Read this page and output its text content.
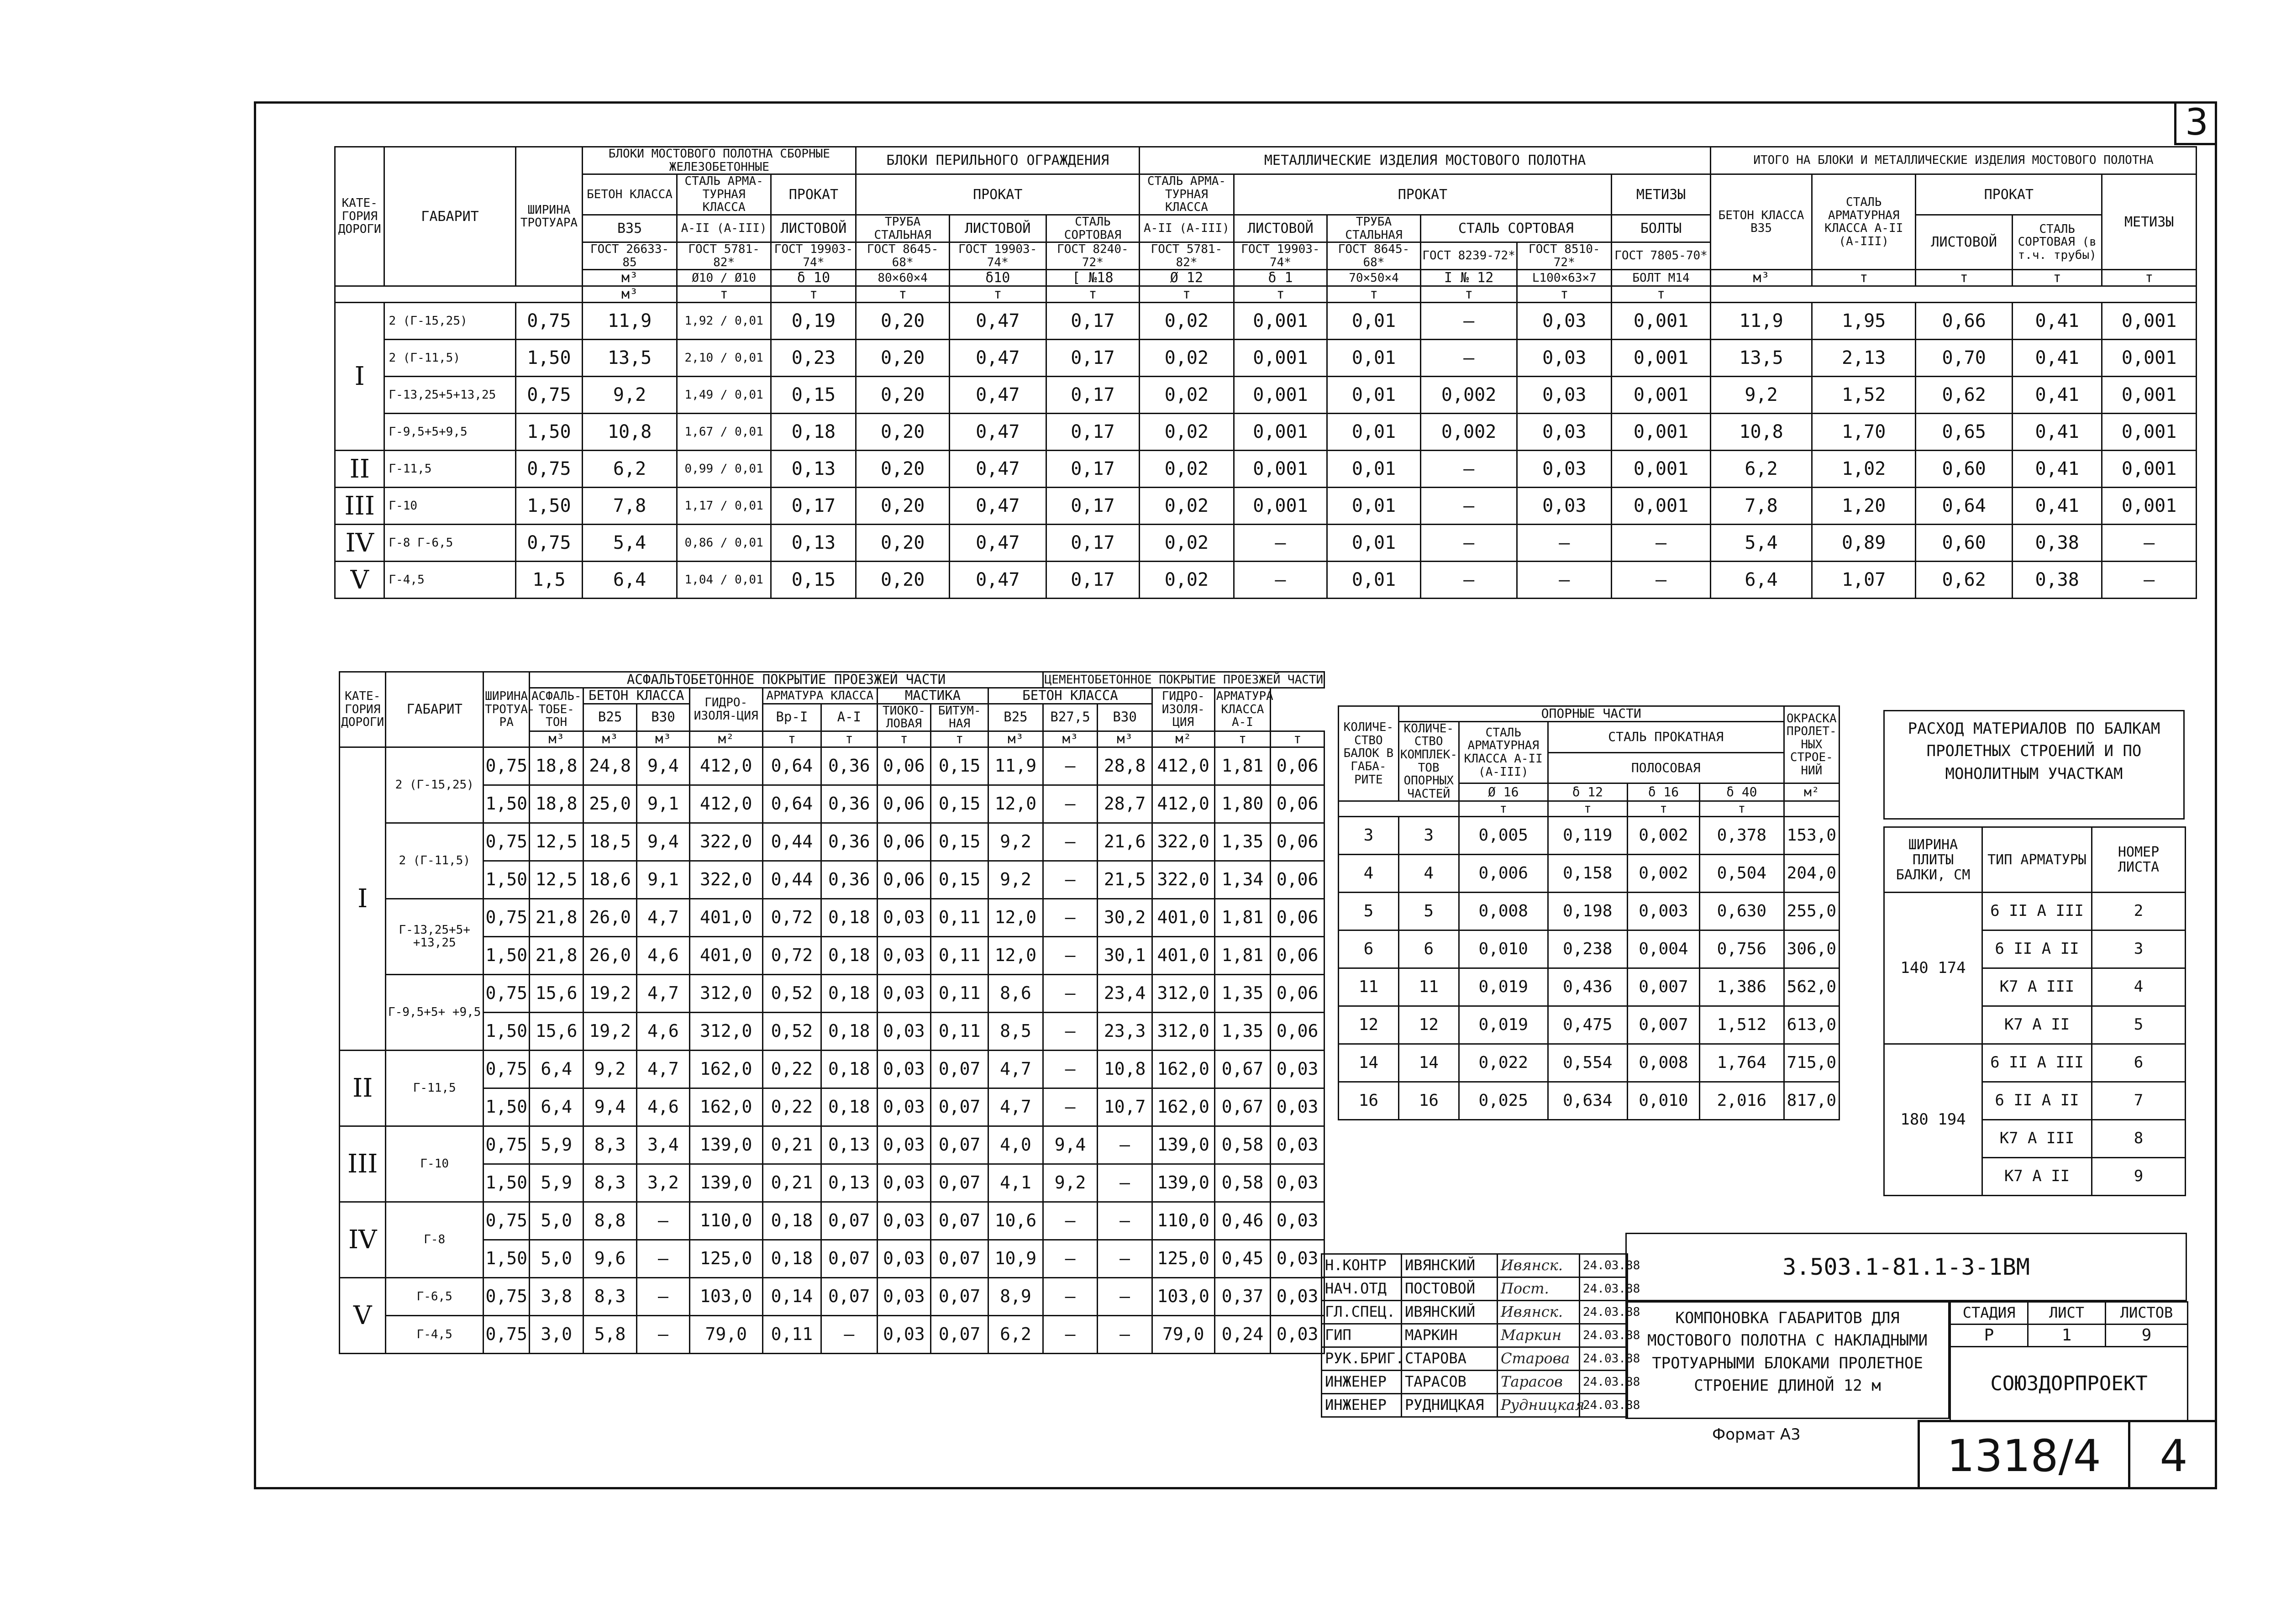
3
КАТЕ-ГОРИЯ ДОРОГИ	ГАБАРИТ	ШИРИНА ТРОТУАРА	БЛОКИ МОСТОВОГО ПОЛОТНА СБОРНЫЕ ЖЕЛЕЗОБЕТОННЫЕ			БЛОКИ ПЕРИЛЬНОГО ОГРАЖДЕНИЯ			МЕТАЛЛИЧЕСКИЕ ИЗДЕЛИЯ МОСТОВОГО ПОЛОТНА						ИТОГО НА БЛОКИ И МЕТАЛЛИЧЕСКИЕ ИЗДЕЛИЯ МОСТОВОГО ПОЛОТНА				
			БЕТОН КЛАССА	СТАЛЬ АРМА-ТУРНАЯ КЛАССА	ПРОКАТ	ПРОКАТ			СТАЛЬ АРМА-ТУРНАЯ КЛАССА	ПРОКАТ				МЕТИЗЫ	БЕТОН КЛАССА В35	СТАЛЬ АРМАТУРНАЯ КЛАССА А-II (А-III)	ПРОКАТ		МЕТИЗЫ
			В35	А-II (А-III)	ЛИСТОВОЙ	ТРУБА СТАЛЬНАЯ	ЛИСТОВОЙ	СТАЛЬ СОРТОВАЯ	А-II (А-III)	ЛИСТОВОЙ	ТРУБА СТАЛЬНАЯ	СТАЛЬ СОРТОВАЯ		БОЛТЫ			ЛИСТОВОЙ	СТАЛЬ СОРТОВАЯ (в т.ч. трубы)	
			ГОСТ 26633-85	ГОСТ 5781-82*	ГОСТ 19903-74*	ГОСТ 8645-68*	ГОСТ 19903-74*	ГОСТ 8240-72*	ГОСТ 5781-82*	ГОСТ 19903-74*	ГОСТ 8645-68*	ГОСТ 8239-72*	ГОСТ 8510-72*	ГОСТ 7805-70*					
			м³	Ø10 / Ø10	δ 10	80×60×4	δ10	[ №18	Ø 12	δ 1	70×50×4	I № 12	L100×63×7	БОЛТ М14	м³	т	т	т	т
			м³	т	т	т	т	т	т	т	т	т	т	т					
I	2 (Г-15,25)	0,75	11,9	1,92 / 0,01	0,19	0,20	0,47	0,17	0,02	0,001	0,01	—	0,03	0,001	11,9	1,95	0,66	0,41	0,001
	2 (Г-11,5)	1,50	13,5	2,10 / 0,01	0,23	0,20	0,47	0,17	0,02	0,001	0,01	—	0,03	0,001	13,5	2,13	0,70	0,41	0,001
	Г-13,25+5+13,25	0,75	9,2	1,49 / 0,01	0,15	0,20	0,47	0,17	0,02	0,001	0,01	0,002	0,03	0,001	9,2	1,52	0,62	0,41	0,001
	Г-9,5+5+9,5	1,50	10,8	1,67 / 0,01	0,18	0,20	0,47	0,17	0,02	0,001	0,01	0,002	0,03	0,001	10,8	1,70	0,65	0,41	0,001
II	Г-11,5	0,75	6,2	0,99 / 0,01	0,13	0,20	0,47	0,17	0,02	0,001	0,01	—	0,03	0,001	6,2	1,02	0,60	0,41	0,001
III	Г-10	1,50	7,8	1,17 / 0,01	0,17	0,20	0,47	0,17	0,02	0,001	0,01	—	0,03	0,001	7,8	1,20	0,64	0,41	0,001
IV	Г-8 Г-6,5	0,75	5,4	0,86 / 0,01	0,13	0,20	0,47	0,17	0,02	—	0,01	—	—	—	5,4	0,89	0,60	0,38	—
V	Г-4,5	1,5	6,4	1,04 / 0,01	0,15	0,20	0,47	0,17	0,02	—	0,01	—	—	—	6,4	1,07	0,62	0,38	—
КАТЕ-ГОРИЯ ДОРОГИ	ГАБАРИТ	ШИРИНА ТРОТУА-РА	АСФАЛЬТОБЕТОННОЕ ПОКРЫТИЕ ПРОЕЗЖЕЙ ЧАСТИ									ЦЕМЕНТОБЕТОННОЕ ПОКРЫТИЕ ПРОЕЗЖЕЙ ЧАСТИ				
			АСФАЛЬ-ТОБЕ-ТОН	БЕТОН КЛАССА		ГИДРО-ИЗОЛЯ-ЦИЯ	АРМАТУРА КЛАССА		МАСТИКА		БЕТОН КЛАССА			ГИДРО-ИЗОЛЯ-ЦИЯ	АРМАТУРА КЛАССА А-I	
				В25	В30		Вр-I	А-I	ТИОКО-ЛОВАЯ	БИТУМ-НАЯ	В25	В27,5	В30			
			м³	м³	м³	м²	т	т	т	т	м³	м³	м³	м²	т	т
I	2 (Г-15,25)	0,75	18,8	24,8	9,4	412,0	0,64	0,36	0,06	0,15	11,9	—	28,8	412,0	1,81	0,06
		1,50	18,8	25,0	9,1	412,0	0,64	0,36	0,06	0,15	12,0	—	28,7	412,0	1,80	0,06
	2 (Г-11,5)	0,75	12,5	18,5	9,4	322,0	0,44	0,36	0,06	0,15	9,2	—	21,6	322,0	1,35	0,06
		1,50	12,5	18,6	9,1	322,0	0,44	0,36	0,06	0,15	9,2	—	21,5	322,0	1,34	0,06
	Г-13,25+5+ +13,25	0,75	21,8	26,0	4,7	401,0	0,72	0,18	0,03	0,11	12,0	—	30,2	401,0	1,81	0,06
		1,50	21,8	26,0	4,6	401,0	0,72	0,18	0,03	0,11	12,0	—	30,1	401,0	1,81	0,06
	Г-9,5+5+ +9,5	0,75	15,6	19,2	4,7	312,0	0,52	0,18	0,03	0,11	8,6	—	23,4	312,0	1,35	0,06
		1,50	15,6	19,2	4,6	312,0	0,52	0,18	0,03	0,11	8,5	—	23,3	312,0	1,35	0,06
II	Г-11,5	0,75	6,4	9,2	4,7	162,0	0,22	0,18	0,03	0,07	4,7	—	10,8	162,0	0,67	0,03
		1,50	6,4	9,4	4,6	162,0	0,22	0,18	0,03	0,07	4,7	—	10,7	162,0	0,67	0,03
III	Г-10	0,75	5,9	8,3	3,4	139,0	0,21	0,13	0,03	0,07	4,0	9,4	—	139,0	0,58	0,03
		1,50	5,9	8,3	3,2	139,0	0,21	0,13	0,03	0,07	4,1	9,2	—	139,0	0,58	0,03
IV	Г-8	0,75	5,0	8,8	—	110,0	0,18	0,07	0,03	0,07	10,6	—	—	110,0	0,46	0,03
		1,50	5,0	9,6	—	125,0	0,18	0,07	0,03	0,07	10,9	—	—	125,0	0,45	0,03
V	Г-6,5	0,75	3,8	8,3	—	103,0	0,14	0,07	0,03	0,07	8,9	—	—	103,0	0,37	0,03
	Г-4,5	0,75	3,0	5,8	—	79,0	0,11	—	0,03	0,07	6,2	—	—	79,0	0,24	0,03
КОЛИЧЕ-СТВО БАЛОК В ГАБА-РИТЕ	ОПОРНЫЕ ЧАСТИ					ОКРАСКА ПРОЛЕТ-НЫХ СТРОЕ-НИЙ
	КОЛИЧЕ-СТВО КОМПЛЕК-ТОВ ОПОРНЫХ ЧАСТЕЙ	СТАЛЬ АРМАТУРНАЯ КЛАССА А-II (А-III)	СТАЛЬ ПРОКАТНАЯ			
			ПОЛОСОВАЯ			
		Ø 16	δ 12	δ 16	δ 40	м²
		т	т	т	т	
3	3	0,005	0,119	0,002	0,378	153,0
4	4	0,006	0,158	0,002	0,504	204,0
5	5	0,008	0,198	0,003	0,630	255,0
6	6	0,010	0,238	0,004	0,756	306,0
11	11	0,019	0,436	0,007	1,386	562,0
12	12	0,019	0,475	0,007	1,512	613,0
14	14	0,022	0,554	0,008	1,764	715,0
16	16	0,025	0,634	0,010	2,016	817,0
РАСХОД МАТЕРИАЛОВ ПО БАЛКАМ ПРОЛЕТНЫХ СТРОЕНИЙ И ПО МОНОЛИТНЫМ УЧАСТКАМ
ШИРИНА ПЛИТЫ БАЛКИ, СМ	ТИП АРМАТУРЫ	НОМЕР ЛИСТА
140 174	6 II А III	2
	6 II А II	3
	К7 А III	4
	К7 А II	5
180 194	6 II А III	6
	6 II А II	7
	К7 А III	8
	К7 А II	9
Н.КОНТР	ИВЯНСКИЙ	Ивянск.	24.03.88
НАЧ.ОТД	ПОСТОВОЙ	Пост.	24.03.88
ГЛ.СПЕЦ.	ИВЯНСКИЙ	Ивянск.	24.03.88
ГИП	МАРКИН	Маркин	24.03.88
РУК.БРИГ.	СТАРОВА	Старова	24.03.88
ИНЖЕНЕР	ТАРАСОВ	Тарасов	24.03.88
ИНЖЕНЕР	РУДНИЦКАЯ	Рудницкая	24.03.88
3.503.1-81.1-3-1ВМ
КОМПОНОВКА ГАБАРИТОВ ДЛЯ МОСТОВОГО ПОЛОТНА С НАКЛАДНЫМИ ТРОТУАРНЫМИ БЛОКАМИ ПРОЛЕТНОЕ СТРОЕНИЕ ДЛИНОЙ 12 м
СТАДИЯ	ЛИСТ	ЛИСТОВ
Р	1	9
СОЮЗДОРПРОЕКТ		
Формат А3	1318/4	4
